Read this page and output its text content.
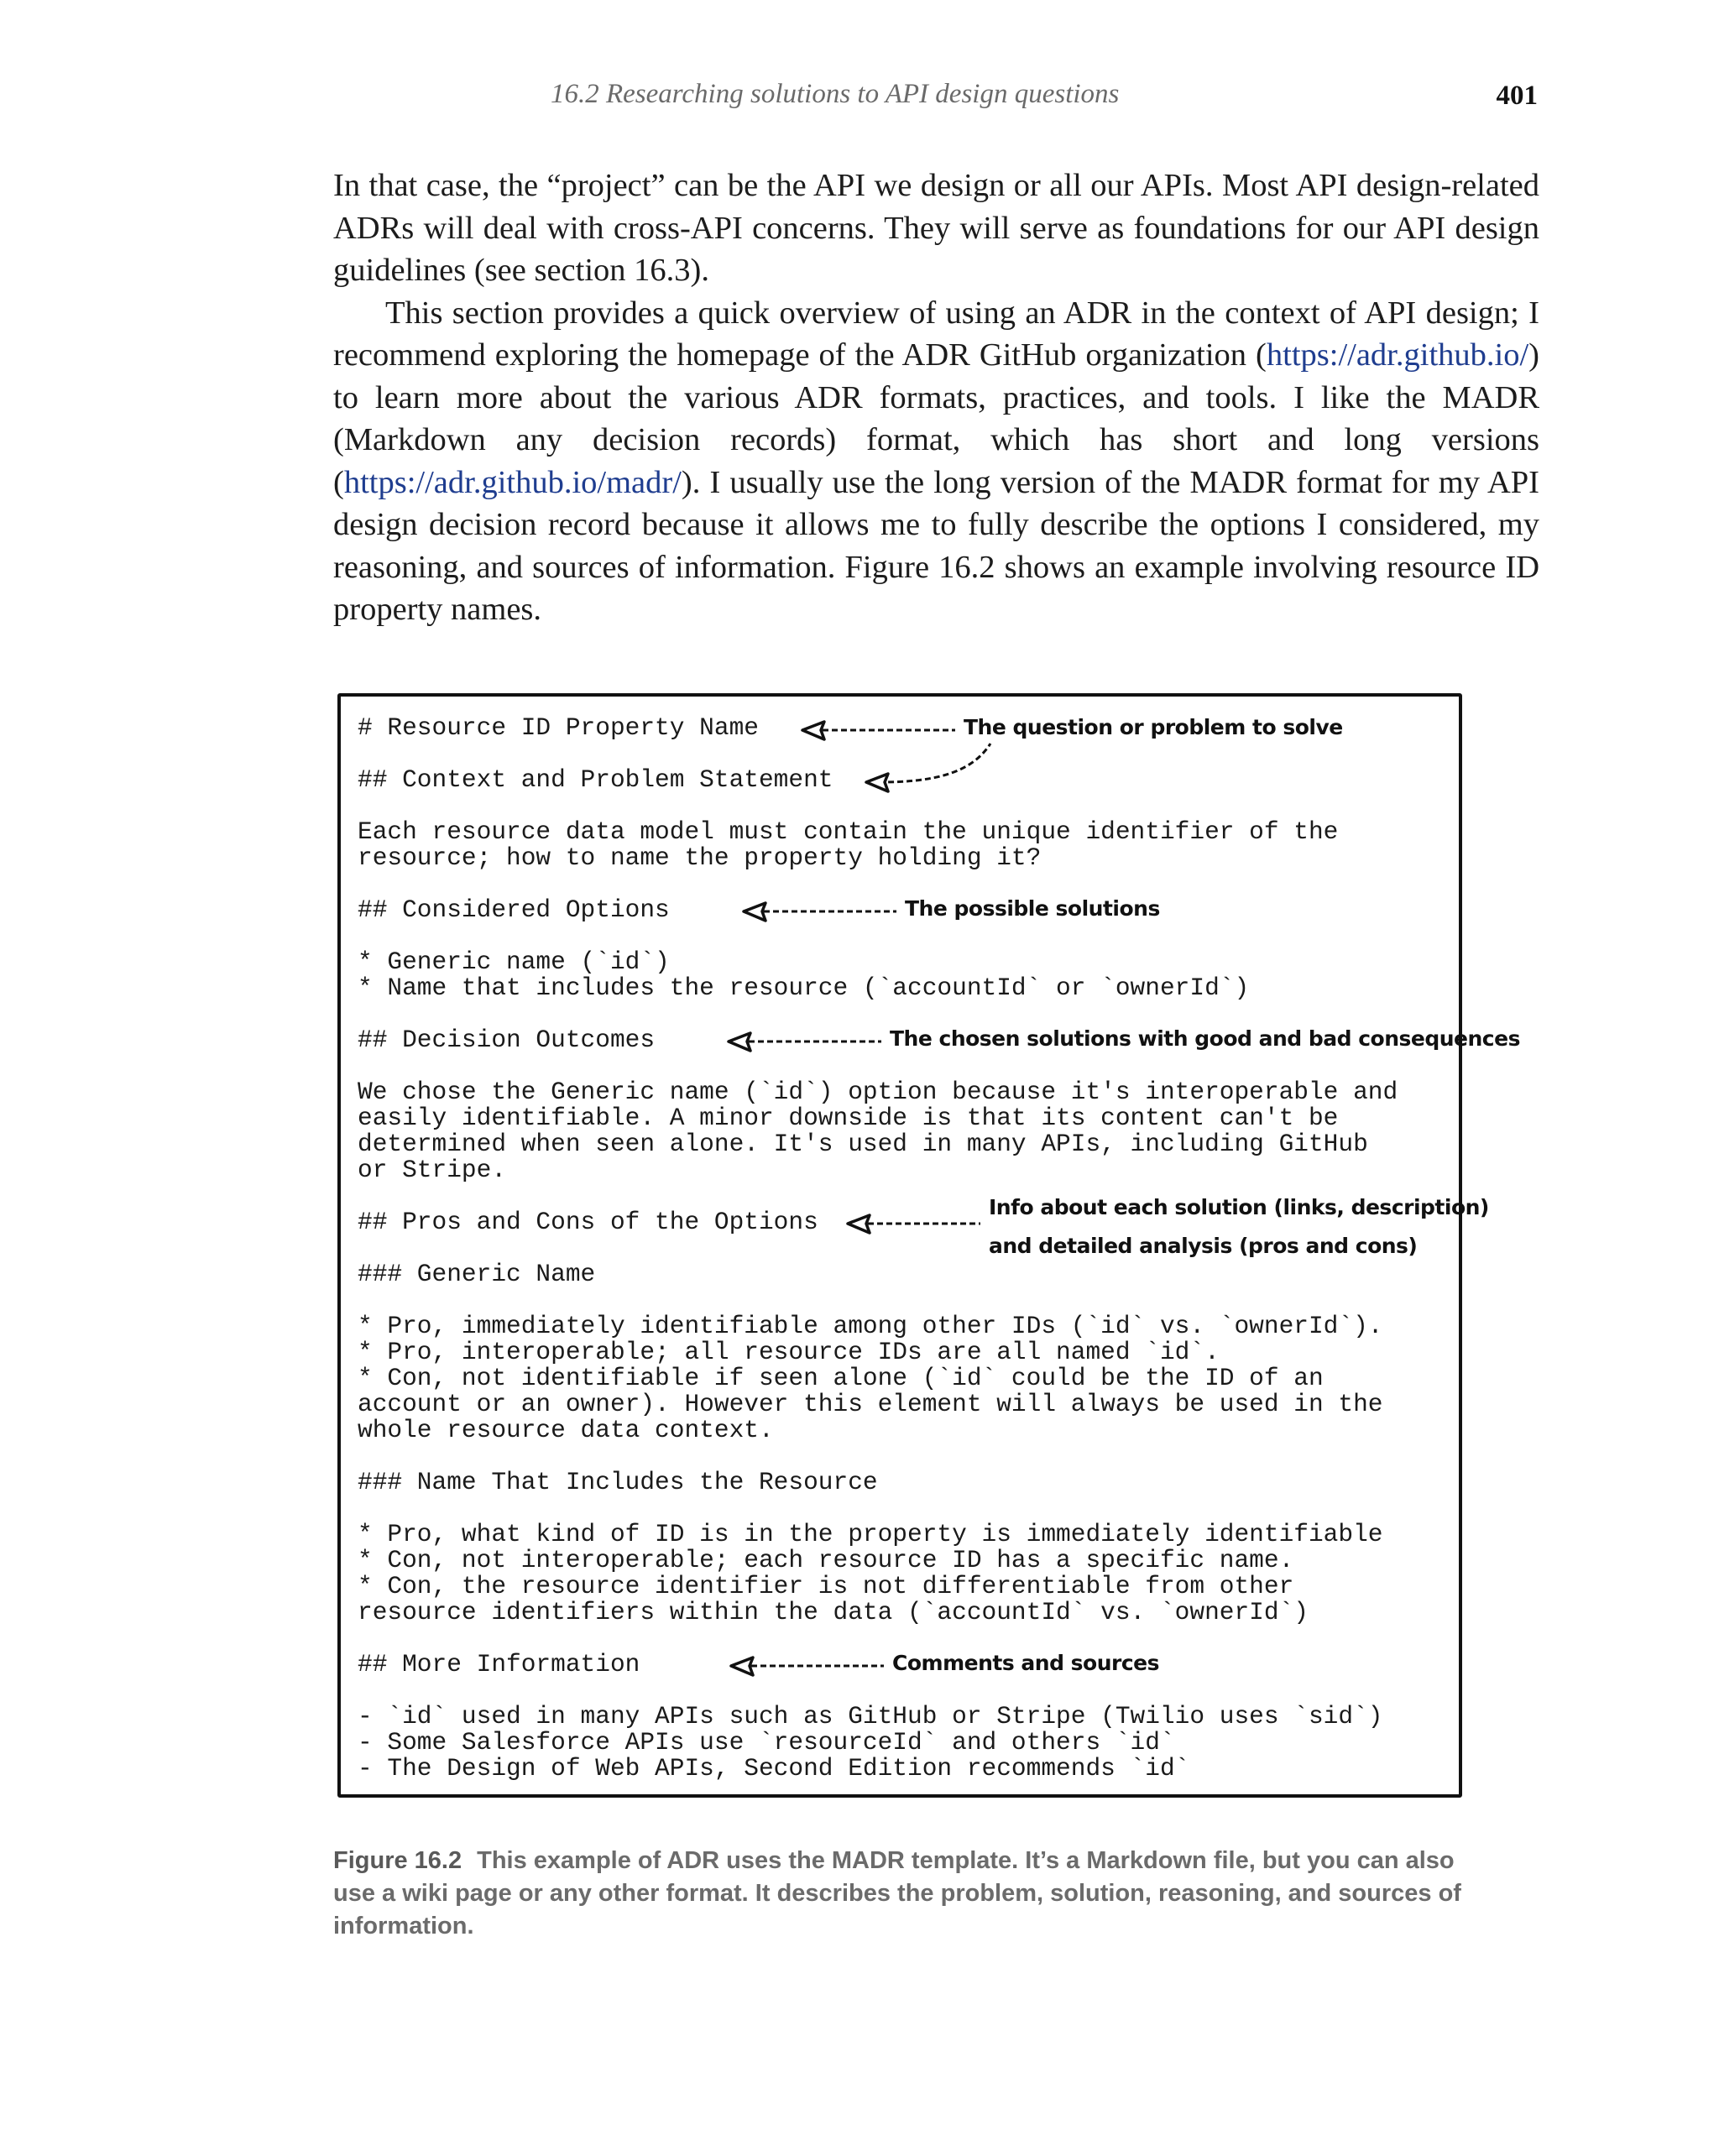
16.2 Researching solutions to API design questions	401

In that case, the “project” can be the API we design or all our APIs. Most API design-related ADRs will deal with cross-API concerns. They will serve as foundations for our API design guidelines (see section 16.3).

This section provides a quick overview of using an ADR in the context of API design; I recommend exploring the homepage of the ADR GitHub organization (https://adr.github.io/) to learn more about the various ADR formats, practices, and tools. I like the MADR (Markdown any decision records) format, which has short and long versions (https://adr.github.io/madr/). I usually use the long version of the MADR format for my API design decision record because it allows me to fully describe the options I considered, my reasoning, and sources of information. Figure 16.2 shows an example involving resource ID property names.

# Resource ID Property Name
## Context and Problem Statement
Each resource data model must contain the unique identifier of the
resource; how to name the property holding it?
## Considered Options
* Generic name (`id`)
* Name that includes the resource (`accountId` or `ownerId`)
## Decision Outcomes
We chose the Generic name (`id`) option because it's interoperable and
easily identifiable. A minor downside is that its content can't be
determined when seen alone. It's used in many APIs, including GitHub
or Stripe.
## Pros and Cons of the Options
### Generic Name
* Pro, immediately identifiable among other IDs (`id` vs. `ownerId`).
* Pro, interoperable; all resource IDs are all named `id`.
* Con, not identifiable if seen alone (`id` could be the ID of an
account or an owner). However this element will always be used in the
whole resource data context.
### Name That Includes the Resource
* Pro, what kind of ID is in the property is immediately identifiable
* Con, not interoperable; each resource ID has a specific name.
* Con, the resource identifier is not differentiable from other
resource identifiers within the data (`accountId` vs. `ownerId`)
## More Information
- `id` used in many APIs such as GitHub or Stripe (Twilio uses `sid`)
- Some Salesforce APIs use `resourceId` and others `id`
- The Design of Web APIs, Second Edition recommends `id`
The question or problem to solve
The possible solutions
The chosen solutions with good and bad consequences
Info about each solution (links, description)
and detailed analysis (pros and cons)
Comments and sources
Figure 16.2 This example of ADR uses the MADR template. It’s a Markdown file, but you can also use a wiki page or any other format. It describes the problem, solution, reasoning, and sources of information.
